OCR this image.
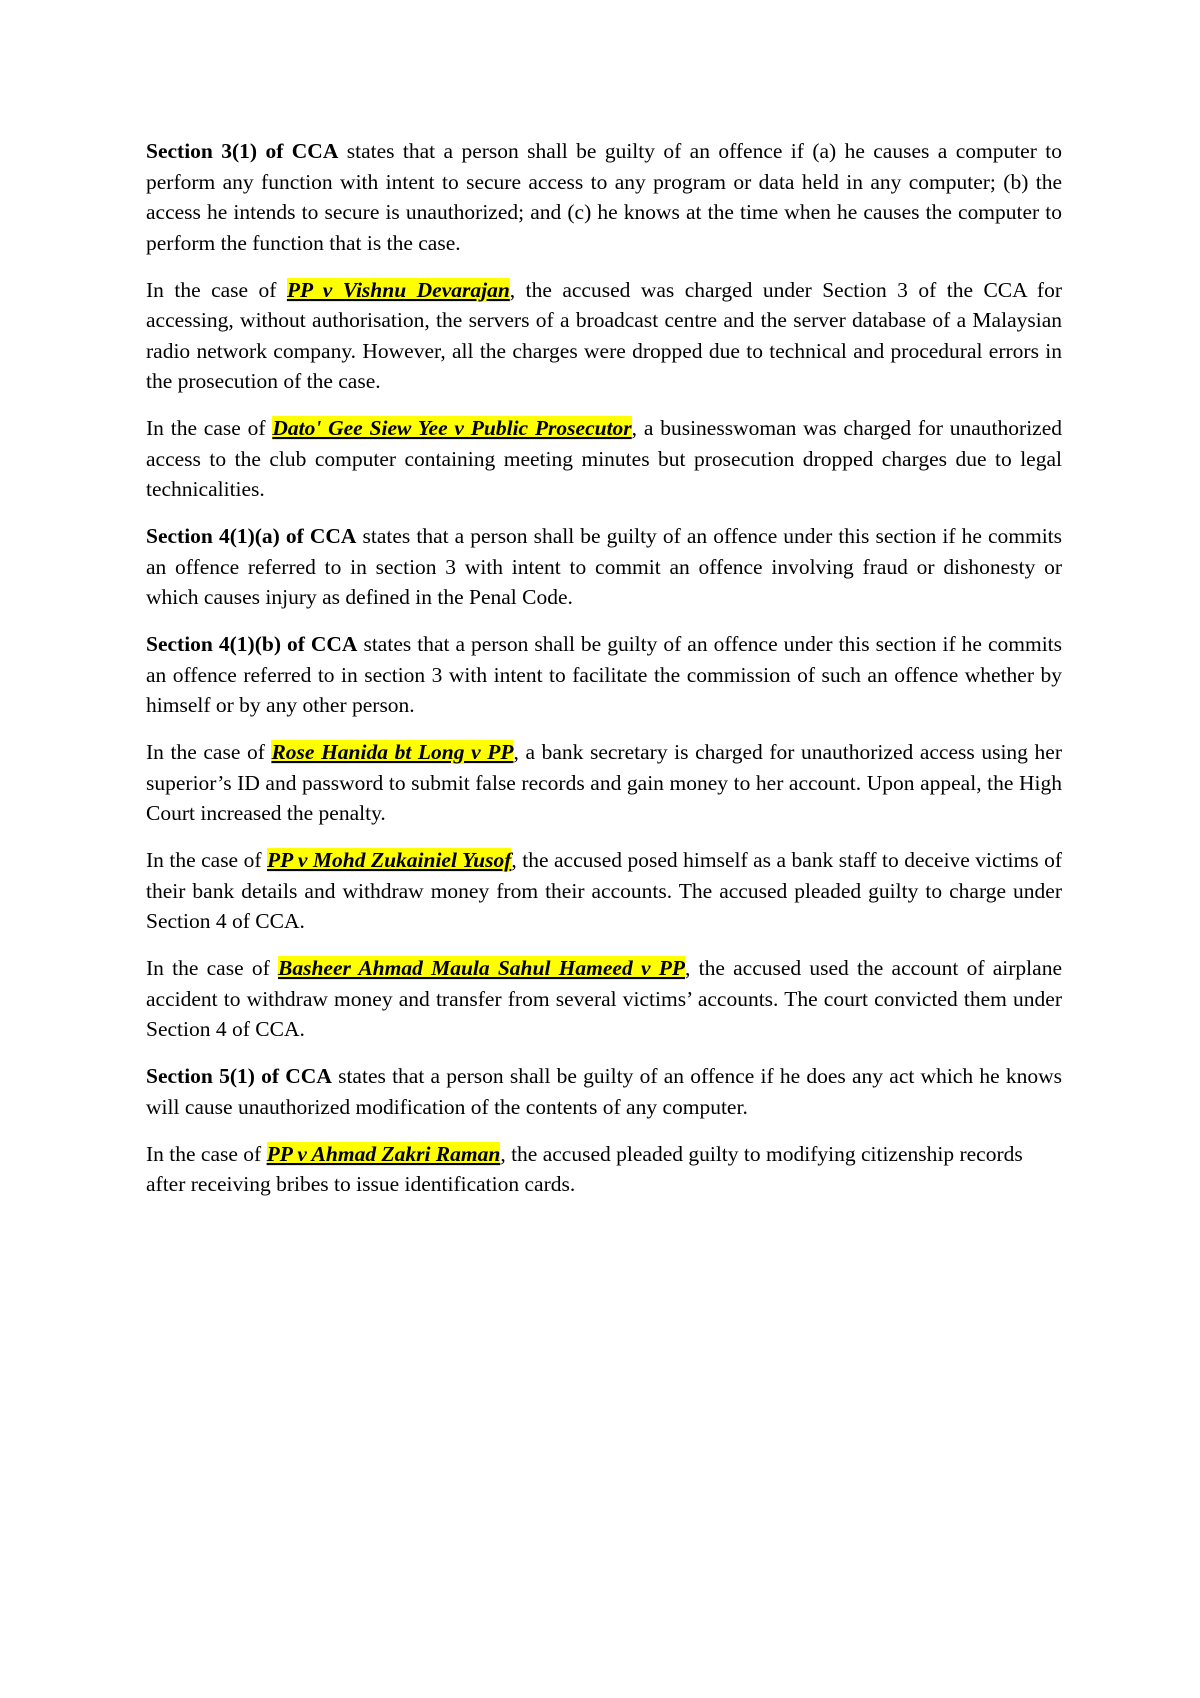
Section 3(1) of CCA states that a person shall be guilty of an offence if (a) he causes a computer to perform any function with intent to secure access to any program or data held in any computer; (b) the access he intends to secure is unauthorized; and (c) he knows at the time when he causes the computer to perform the function that is the case.

In the case of PP v Vishnu Devarajan, the accused was charged under Section 3 of the CCA for accessing, without authorisation, the servers of a broadcast centre and the server database of a Malaysian radio network company. However, all the charges were dropped due to technical and procedural errors in the prosecution of the case.

In the case of Dato' Gee Siew Yee v Public Prosecutor, a businesswoman was charged for unauthorized access to the club computer containing meeting minutes but prosecution dropped charges due to legal technicalities.

Section 4(1)(a) of CCA states that a person shall be guilty of an offence under this section if he commits an offence referred to in section 3 with intent to commit an offence involving fraud or dishonesty or which causes injury as defined in the Penal Code.

Section 4(1)(b) of CCA states that a person shall be guilty of an offence under this section if he commits an offence referred to in section 3 with intent to facilitate the commission of such an offence whether by himself or by any other person.

In the case of Rose Hanida bt Long v PP, a bank secretary is charged for unauthorized access using her superior’s ID and password to submit false records and gain money to her account. Upon appeal, the High Court increased the penalty.

In the case of PP v Mohd Zukainiel Yusof, the accused posed himself as a bank staff to deceive victims of their bank details and withdraw money from their accounts. The accused pleaded guilty to charge under Section 4 of CCA.

In the case of Basheer Ahmad Maula Sahul Hameed v PP, the accused used the account of airplane accident to withdraw money and transfer from several victims’ accounts. The court convicted them under Section 4 of CCA.

Section 5(1) of CCA states that a person shall be guilty of an offence if he does any act which he knows will cause unauthorized modification of the contents of any computer.

In the case of PP v Ahmad Zakri Raman, the accused pleaded guilty to modifying citizenship records after receiving bribes to issue identification cards.
